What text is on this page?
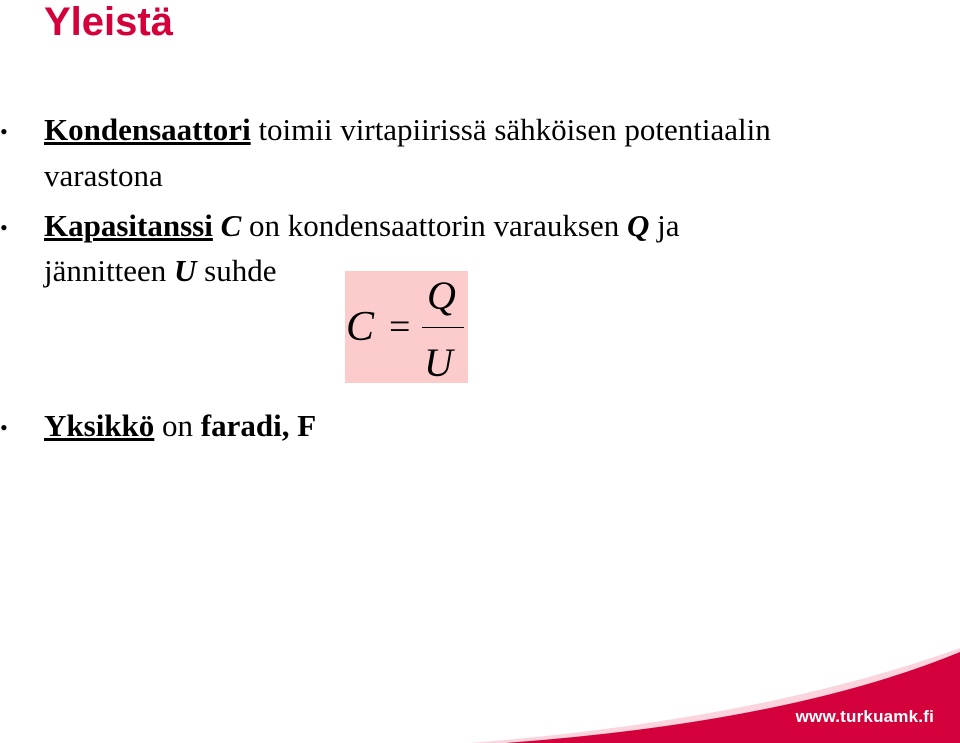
Yleistä
• Kondensaattori toimii virtapiirissä sähköisen potentiaalin
varastona
• Kapasitanssi C on kondensaattorin varauksen Q ja
jännitteen U suhde
C =
Q
U
• Yksikkö on faradi, F
www.turkuamk.fi
